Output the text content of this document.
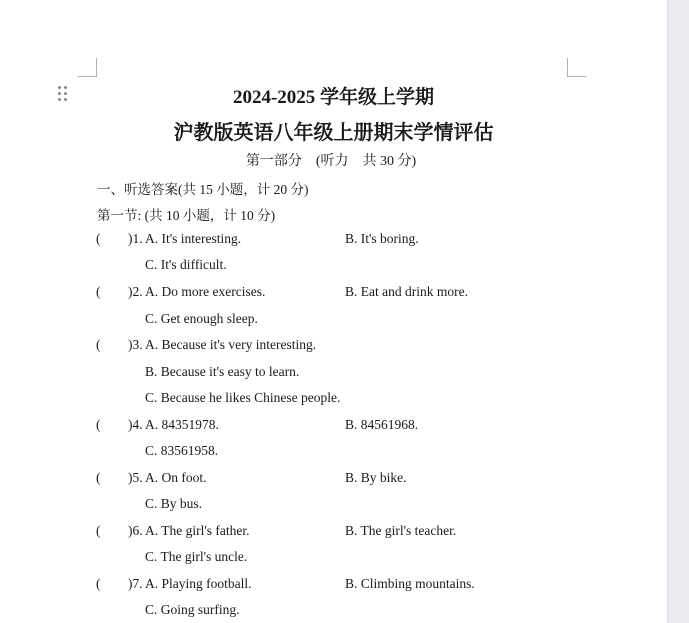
2024-2025 学年级上学期
沪教版英语八年级上册期末学情评估
第一部分　(听力　共 30 分)
一、听选答案(共 15 小题，计 20 分)
第一节: (共 10 小题，计 10 分)
( )1. A. It's interesting.	B. It's boring.
C. It's difficult.
( )2. A. Do more exercises.	B. Eat and drink more.
C. Get enough sleep.
( )3. A. Because it's very interesting.
B. Because it's easy to learn.
C. Because he likes Chinese people.
( )4. A. 84351978.	B. 84561968.
C. 83561958.
( )5. A. On foot.	B. By bike.
C. By bus.
( )6. A. The girl's father.	B. The girl's teacher.
C. The girl's uncle.
( )7. A. Playing football.	B. Climbing mountains.
C. Going surfing.
